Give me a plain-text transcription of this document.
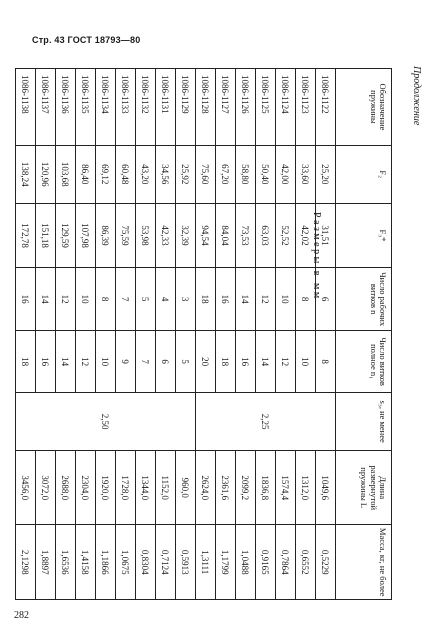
Стр. 43 ГОСТ 18793—80
282
Продолжение
Размеры в мм
Обозначение пружины	F₂	F₃*	Число рабочих витков n	Число витков полное n₁	s₃, не менее	Длина развернутой пружины L	Масса, кг, не более
1086-1122	25,20	31,51	6	8	2,25	1049,6	0,5229
1086-1123	33,60	42,02	8	10		1312,0	0,6552
1086-1124	42,00	52,52	10	12		1574,4	0,7864
1086-1125	50,40	63,03	12	14		1836,8	0,9165
1086-1126	58,80	73,53	14	16		2099,2	1,0488
1086-1127	67,20	84,04	16	18		2361,6	1,1799
1086-1128	75,60	94,54	18	20		2624,0	1,3111
1086-1129	25,92	32,39	3	5	2,50	960,0	0,5913
1086-1131	34,56	42,33	4	6		1152,0	0,7124
1086-1132	43,20	53,98	5	7		1344,0	0,8304
1086-1133	60,48	75,59	7	9		1728,0	1,0675
1086-1134	69,12	86,39	8	10		1920,0	1,1866
1086-1135	86,40	107,98	10	12		2304,0	1,4158
1086-1136	103,68	129,59	12	14		2688,0	1,6536
1086-1137	120,96	151,18	14	16		3072,0	1,8897
1086-1138	138,24	172,78	16	18		3456,0	2,1298
